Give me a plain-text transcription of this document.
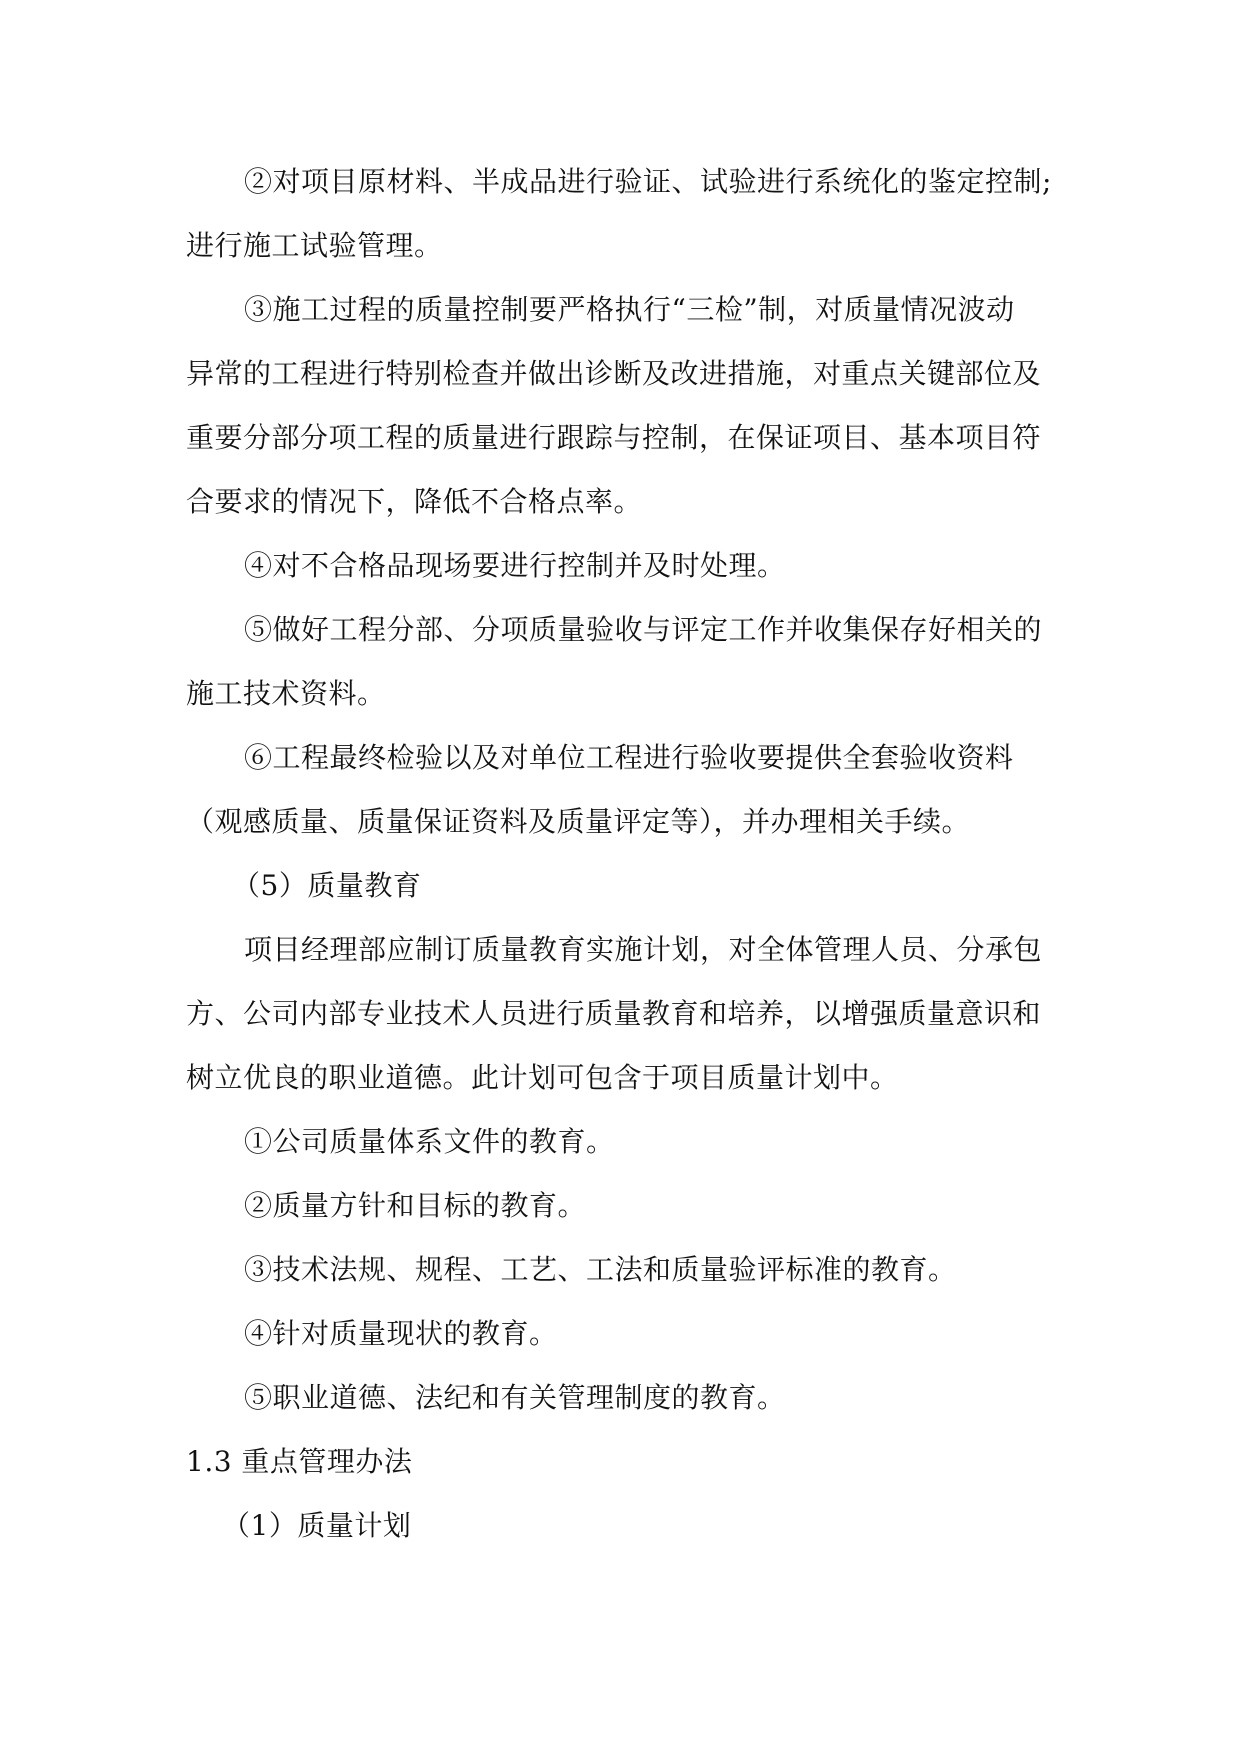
②对项目原材料、半成品进行验证、试验进行系统化的鉴定控制;
进行施工试验管理。
③施工过程的质量控制要严格执行“三检”制，对质量情况波动
异常的工程进行特别检查并做出诊断及改进措施，对重点关键部位及
重要分部分项工程的质量进行跟踪与控制，在保证项目、基本项目符
合要求的情况下，降低不合格点率。
④对不合格品现场要进行控制并及时处理。
⑤做好工程分部、分项质量验收与评定工作并收集保存好相关的
施工技术资料。
⑥工程最终检验以及对单位工程进行验收要提供全套验收资料
（观感质量、质量保证资料及质量评定等），并办理相关手续。
（5）质量教育
项目经理部应制订质量教育实施计划，对全体管理人员、分承包
方、公司内部专业技术人员进行质量教育和培养，以增强质量意识和
树立优良的职业道德。此计划可包含于项目质量计划中。
①公司质量体系文件的教育。
②质量方针和目标的教育。
③技术法规、规程、工艺、工法和质量验评标准的教育。
④针对质量现状的教育。
⑤职业道德、法纪和有关管理制度的教育。
1.3 重点管理办法
（1）质量计划
